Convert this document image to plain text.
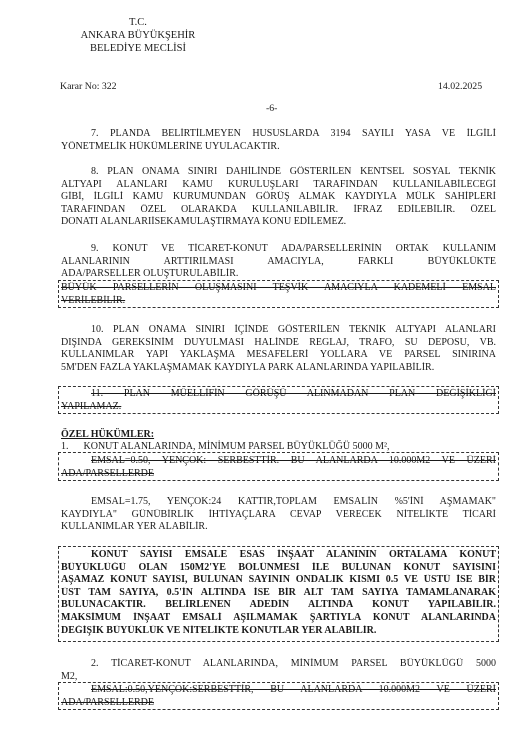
T.C.
ANKARA BÜYÜKŞEHİR
BELEDİYE MECLİSİ
Karar No: 322	14.02.2025
-6-
7. PLANDA BELİRTİLMEYEN HUSUSLARDA 3194 SAYILI YASA VE İLGİLİ
YÖNETMELİK HÜKÜMLERİNE UYULACAKTIR.
8. PLAN ONAMA SINIRI DAHİLİNDE GÖSTERİLEN KENTSEL SOSYAL TEKNİK
ALTYAPI ALANLARI KAMU KURULUŞLARI TARAFINDAN KULLANILABİLECEĞİ
GİBİ, İLGİLİ KAMU KURUMUNDAN GÖRÜŞ ALMAK KAYDIYLA MÜLK SAHİPLERİ
TARAFINDAN ÖZEL OLARAKDA KULLANILABİLİR. İFRAZ EDİLEBİLİR. ÖZEL
DONATI ALANLARIİSEKAMULAŞTIRMAYA KONU EDİLEMEZ.
9. KONUT VE TİCARET-KONUT ADA/PARSELLERİNİN ORTAK KULLANIM
ALANLARININ ARTTIRILMASI AMACIYLA, FARKLI BÜYÜKLÜKTE
ADA/PARSELLER OLUŞTURULABİLİR.
BÜYÜK PARSELLERİN OLUŞMASINI TEŞVİK AMACIYLA KADEMELİ EMSAL
VERİLEBİLİR.
10. PLAN ONAMA SINIRI İÇİNDE GÖSTERİLEN TEKNİK ALTYAPI ALANLARI
DIŞINDA GEREKSİNİM DUYULMASI HALİNDE REGLAJ, TRAFO, SU DEPOSU, VB.
KULLANIMLAR YAPI YAKLAŞMA MESAFELERİ YOLLARA VE PARSEL SINIRINA
5M'DEN FAZLA YAKLAŞMAMAK KAYDIYLA PARK ALANLARINDA YAPILABİLİR.
11. PLAN MÜELLİFİN GÖRÜŞÜ ALINMADAN PLAN DEĞİŞİKLİĞİ
YAPILAMAZ.
ÖZEL HÜKÜMLER:
1.      KONUT ALANLARINDA, MİNİMUM PARSEL BÜYÜKLÜĞÜ 5000 M²,
EMSAL=0.50, YENÇOK: SERBESTTİR. BU ALANLARDA 10.000M2 VE ÜZERİ
ADA/PARSELLERDE
EMSAL=1.75, YENÇOK:24 KATTIR,TOPLAM EMSALİN %5'İNİ AŞMAMAK"
KAYDIYLA" GÜNÜBİRLİK İHTİYAÇLARA CEVAP VERECEK NİTELİKTE TİCARİ
KULLANIMLAR YER ALABİLİR.
KONUT SAYISI EMSALE ESAS İNŞAAT ALANININ ORTALAMA KONUT
BÜYÜKLÜĞÜ OLAN 150M2'YE BÖLÜNMESİ İLE BULUNAN KONUT SAYISINI
AŞAMAZ KONUT SAYISI, BULUNAN SAYININ ONDALIK KISMI 0.5 VE ÜSTÜ İSE BİR
ÜST TAM SAYIYA, 0.5'İN ALTINDA İSE BİR ALT TAM SAYIYA TAMAMLANARAK
BULUNACAKTIR. BELİRLENEN ADEDİN ALTINDA KONUT YAPILABİLİR.
MAKSİMUM İNŞAAT EMSALİ AŞILMAMAK ŞARTIYLA KONUT ALANLARINDA
DEĞİŞİK BÜYÜKLÜK VE NİTELİKTE KONUTLAR YER ALABİLİR.
2. TİCARET-KONUT ALANLARINDA, MİNİMUM PARSEL BÜYÜKLÜĞÜ 5000
M2,
EMSAL:0.50,YENÇOK:SERBESTTİR, BU ALANLARDA 10.000M2 VE ÜZERİ
ADA/PARSELLERDE
